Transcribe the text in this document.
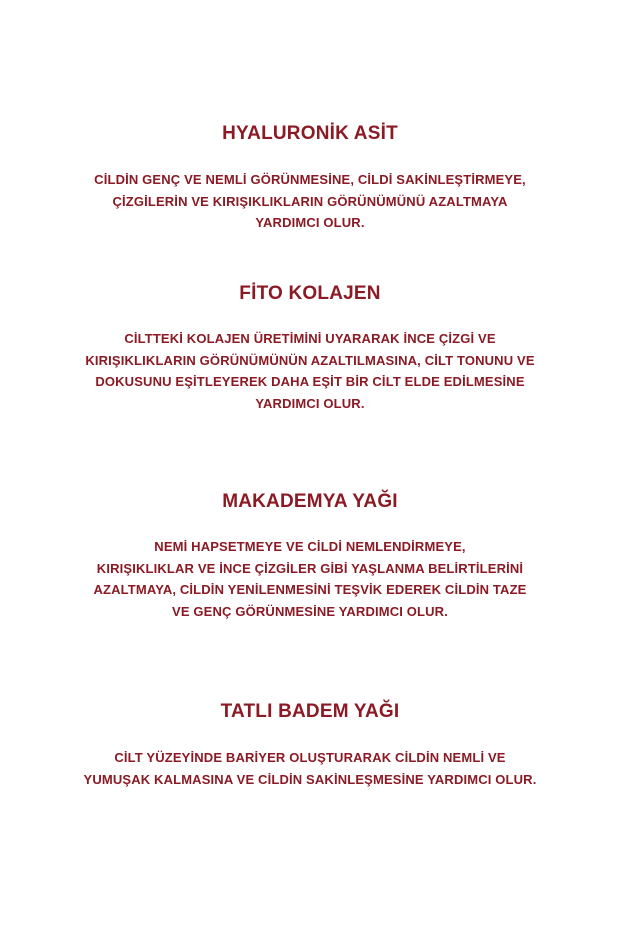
HYALURONİK ASİT

CİLDİN GENÇ VE NEMLİ GÖRÜNMESİNE, CİLDİ SAKİNLEŞTİRMEYE,
ÇİZGİLERİN VE KIRIŞIKLIKLARIN GÖRÜNÜMÜNÜ AZALTMAYA
YARDIMCI OLUR.

FİTO KOLAJEN

CİLTTEKİ KOLAJEN ÜRETİMİNİ UYARARAK İNCE ÇİZGİ VE
KIRIŞIKLIKLARIN GÖRÜNÜMÜNÜN AZALTILMASINA, CİLT TONUNU VE
DOKUSUNU EŞİTLEYEREK DAHA EŞİT BİR CİLT ELDE EDİLMESİNE
YARDIMCI OLUR.

MAKADEMYA YAĞI

NEMİ HAPSETMEYE VE CİLDİ NEMLENDİRMEYE,
KIRIŞIKLIKLAR VE İNCE ÇİZGİLER GİBİ YAŞLANMA BELİRTİLERİNİ
AZALTMAYA, CİLDİN YENİLENMESİNİ TEŞVİK EDEREK CİLDİN TAZE
VE GENÇ GÖRÜNMESİNE YARDIMCI OLUR.

TATLI BADEM YAĞI

CİLT YÜZEYİNDE BARİYER OLUŞTURARAK CİLDİN NEMLİ VE
YUMUŞAK KALMASINA VE CİLDİN SAKİNLEŞMESİNE YARDIMCI OLUR.
